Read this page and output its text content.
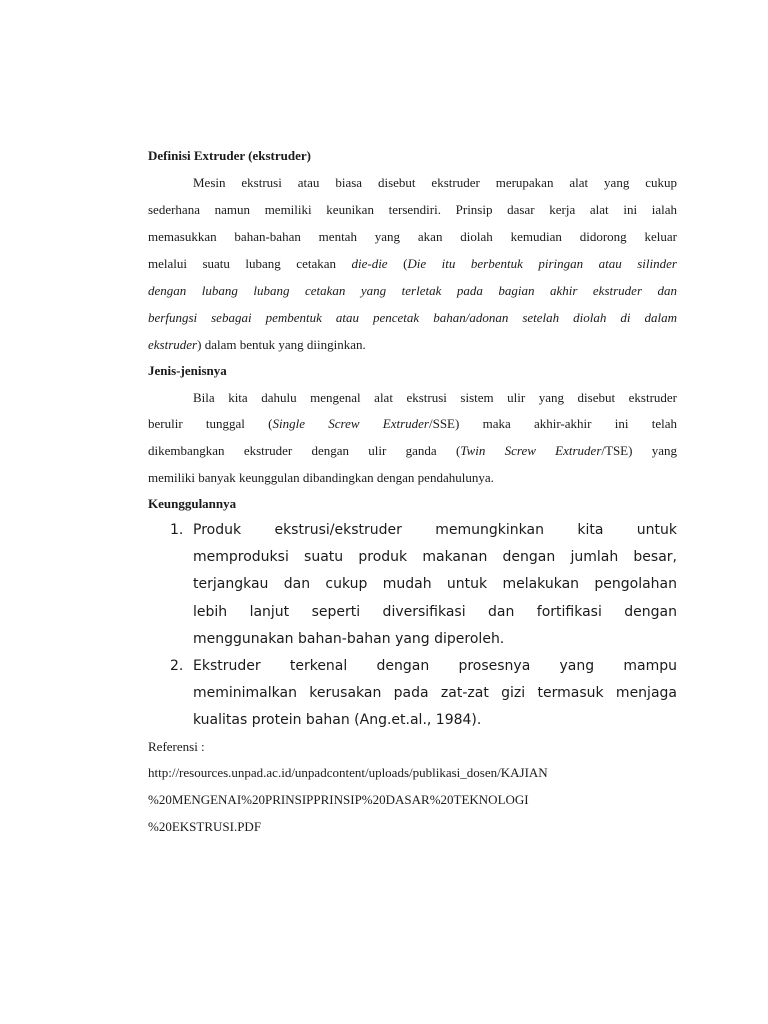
Definisi Extruder (ekstruder)
Mesin ekstrusi atau biasa disebut ekstruder merupakan alat yang cukup
sederhana namun memiliki keunikan tersendiri. Prinsip dasar kerja alat ini ialah
memasukkan bahan-bahan mentah yang akan diolah kemudian didorong keluar
melalui suatu lubang cetakan die-die (Die itu berbentuk piringan atau silinder
dengan lubang lubang cetakan yang terletak pada bagian akhir ekstruder dan
berfungsi sebagai pembentuk atau pencetak bahan/adonan setelah diolah di dalam
ekstruder) dalam bentuk yang diinginkan.
Jenis-jenisnya
Bila kita dahulu mengenal alat ekstrusi sistem ulir yang disebut ekstruder
berulir tunggal (Single Screw Extruder/SSE) maka akhir-akhir ini telah
dikembangkan ekstruder dengan ulir ganda (Twin Screw Extruder/TSE) yang
memiliki banyak keunggulan dibandingkan dengan pendahulunya.
Keunggulannya
1. Produk ekstrusi/ekstruder memungkinkan kita untuk
memproduksi suatu produk makanan dengan jumlah besar,
terjangkau dan cukup mudah untuk melakukan pengolahan
lebih lanjut seperti diversifikasi dan fortifikasi dengan
menggunakan bahan-bahan yang diperoleh.
2. Ekstruder terkenal dengan prosesnya yang mampu
meminimalkan kerusakan pada zat-zat gizi termasuk menjaga
kualitas protein bahan (Ang.et.al., 1984).
Referensi :
http://resources.unpad.ac.id/unpadcontent/uploads/publikasi_dosen/KAJIAN
%20MENGENAI%20PRINSIPPRINSIP%20DASAR%20TEKNOLOGI
%20EKSTRUSI.PDF
